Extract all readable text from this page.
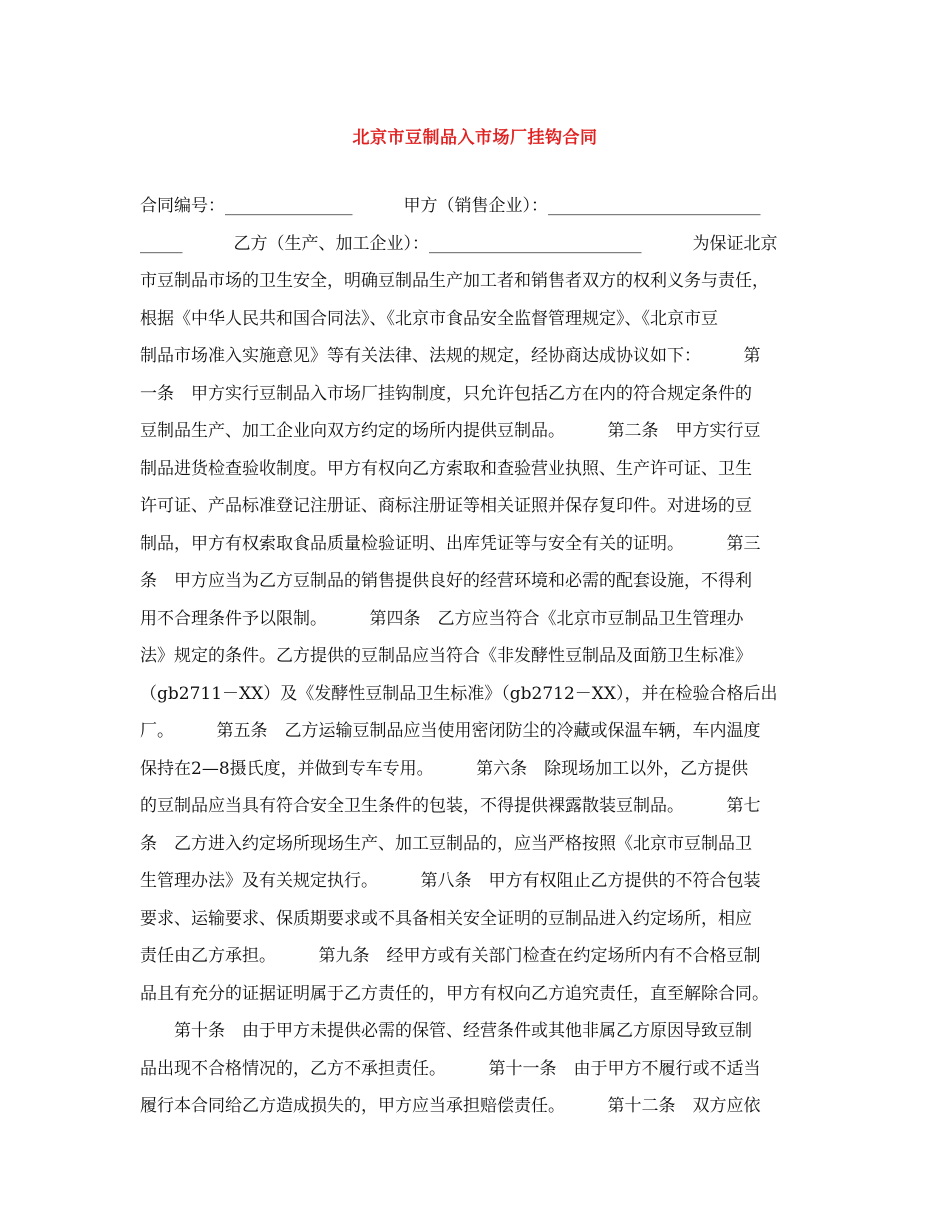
北京市豆制品入市场厂挂钩合同
合同编号：_______________　　　甲方（销售企业）：_________________________
_____　　　乙方（生产、加工企业）：_________________________　　　为保证北京
市豆制品市场的卫生安全，明确豆制品生产加工者和销售者双方的权利义务与责任，
根据《中华人民共和国合同法》、《北京市食品安全监督管理规定》、《北京市豆
制品市场准入实施意见》等有关法律、法规的规定，经协商达成协议如下：　　　第
一条　甲方实行豆制品入市场厂挂钩制度，只允许包括乙方在内的符合规定条件的
豆制品生产、加工企业向双方约定的场所内提供豆制品。　　　第二条　甲方实行豆
制品进货检查验收制度。甲方有权向乙方索取和查验营业执照、生产许可证、卫生
许可证、产品标准登记注册证、商标注册证等相关证照并保存复印件。对进场的豆
制品，甲方有权索取食品质量检验证明、出库凭证等与安全有关的证明。　　　第三
条　甲方应当为乙方豆制品的销售提供良好的经营环境和必需的配套设施，不得利
用不合理条件予以限制。　　　第四条　乙方应当符合《北京市豆制品卫生管理办
法》规定的条件。乙方提供的豆制品应当符合《非发酵性豆制品及面筋卫生标准》
（gb2711－XX）及《发酵性豆制品卫生标准》（gb2712－XX），并在检验合格后出
厂。　　　第五条　乙方运输豆制品应当使用密闭防尘的冷藏或保温车辆，车内温度
保持在2—8摄氏度，并做到专车专用。　　　第六条　除现场加工以外，乙方提供
的豆制品应当具有符合安全卫生条件的包装，不得提供裸露散装豆制品。　　　第七
条　乙方进入约定场所现场生产、加工豆制品的，应当严格按照《北京市豆制品卫
生管理办法》及有关规定执行。　　　第八条　甲方有权阻止乙方提供的不符合包装
要求、运输要求、保质期要求或不具备相关安全证明的豆制品进入约定场所，相应
责任由乙方承担。　　　第九条　经甲方或有关部门检查在约定场所内有不合格豆制
品且有充分的证据证明属于乙方责任的，甲方有权向乙方追究责任，直至解除合同。
　　第十条　由于甲方未提供必需的保管、经营条件或其他非属乙方原因导致豆制
品出现不合格情况的，乙方不承担责任。　　　第十一条　由于甲方不履行或不适当
履行本合同给乙方造成损失的，甲方应当承担赔偿责任。　　　第十二条　双方应依
